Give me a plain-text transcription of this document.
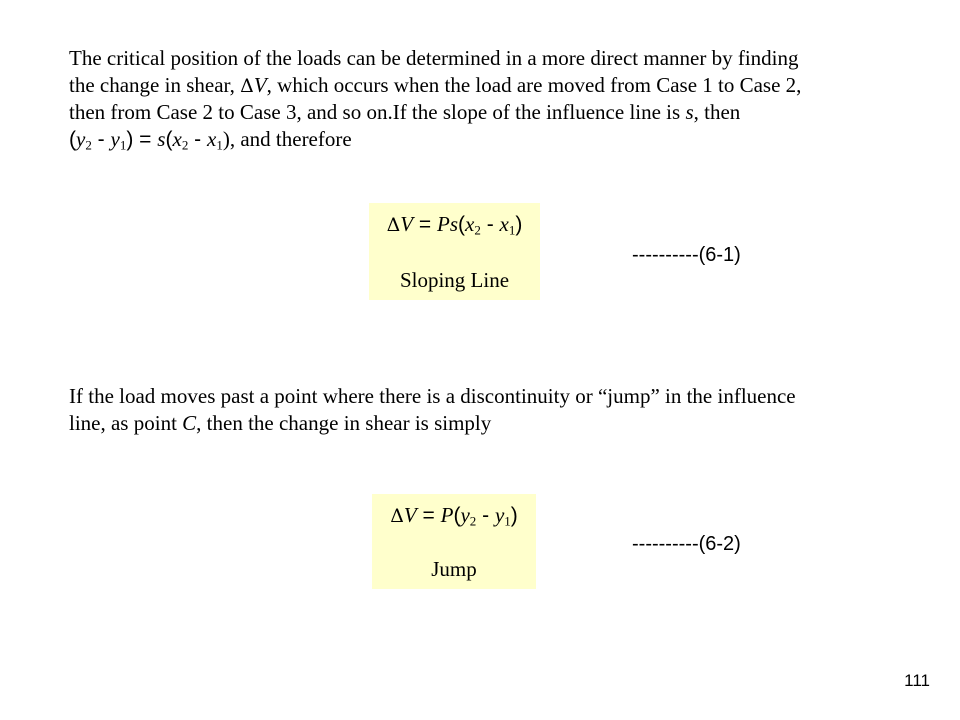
The critical position of the loads can be determined in a more direct manner by finding
the change in shear, ΔV, which occurs when the load are moved from Case 1 to Case 2,
then from Case 2 to Case 3, and so on.If the slope of the influence line is s, then
$(y_2 - y_1) = s(x_2 - x_1)$, and therefore
$\Delta V = Ps(x_2 - x_1)$
Sloping Line
----------(6-1)
If the load moves past a point where there is a discontinuity or “jump” in the influence
line, as point C, then the change in shear is simply
$\Delta V = P(y_2 - y_1)$
Jump
----------(6-2)
111
